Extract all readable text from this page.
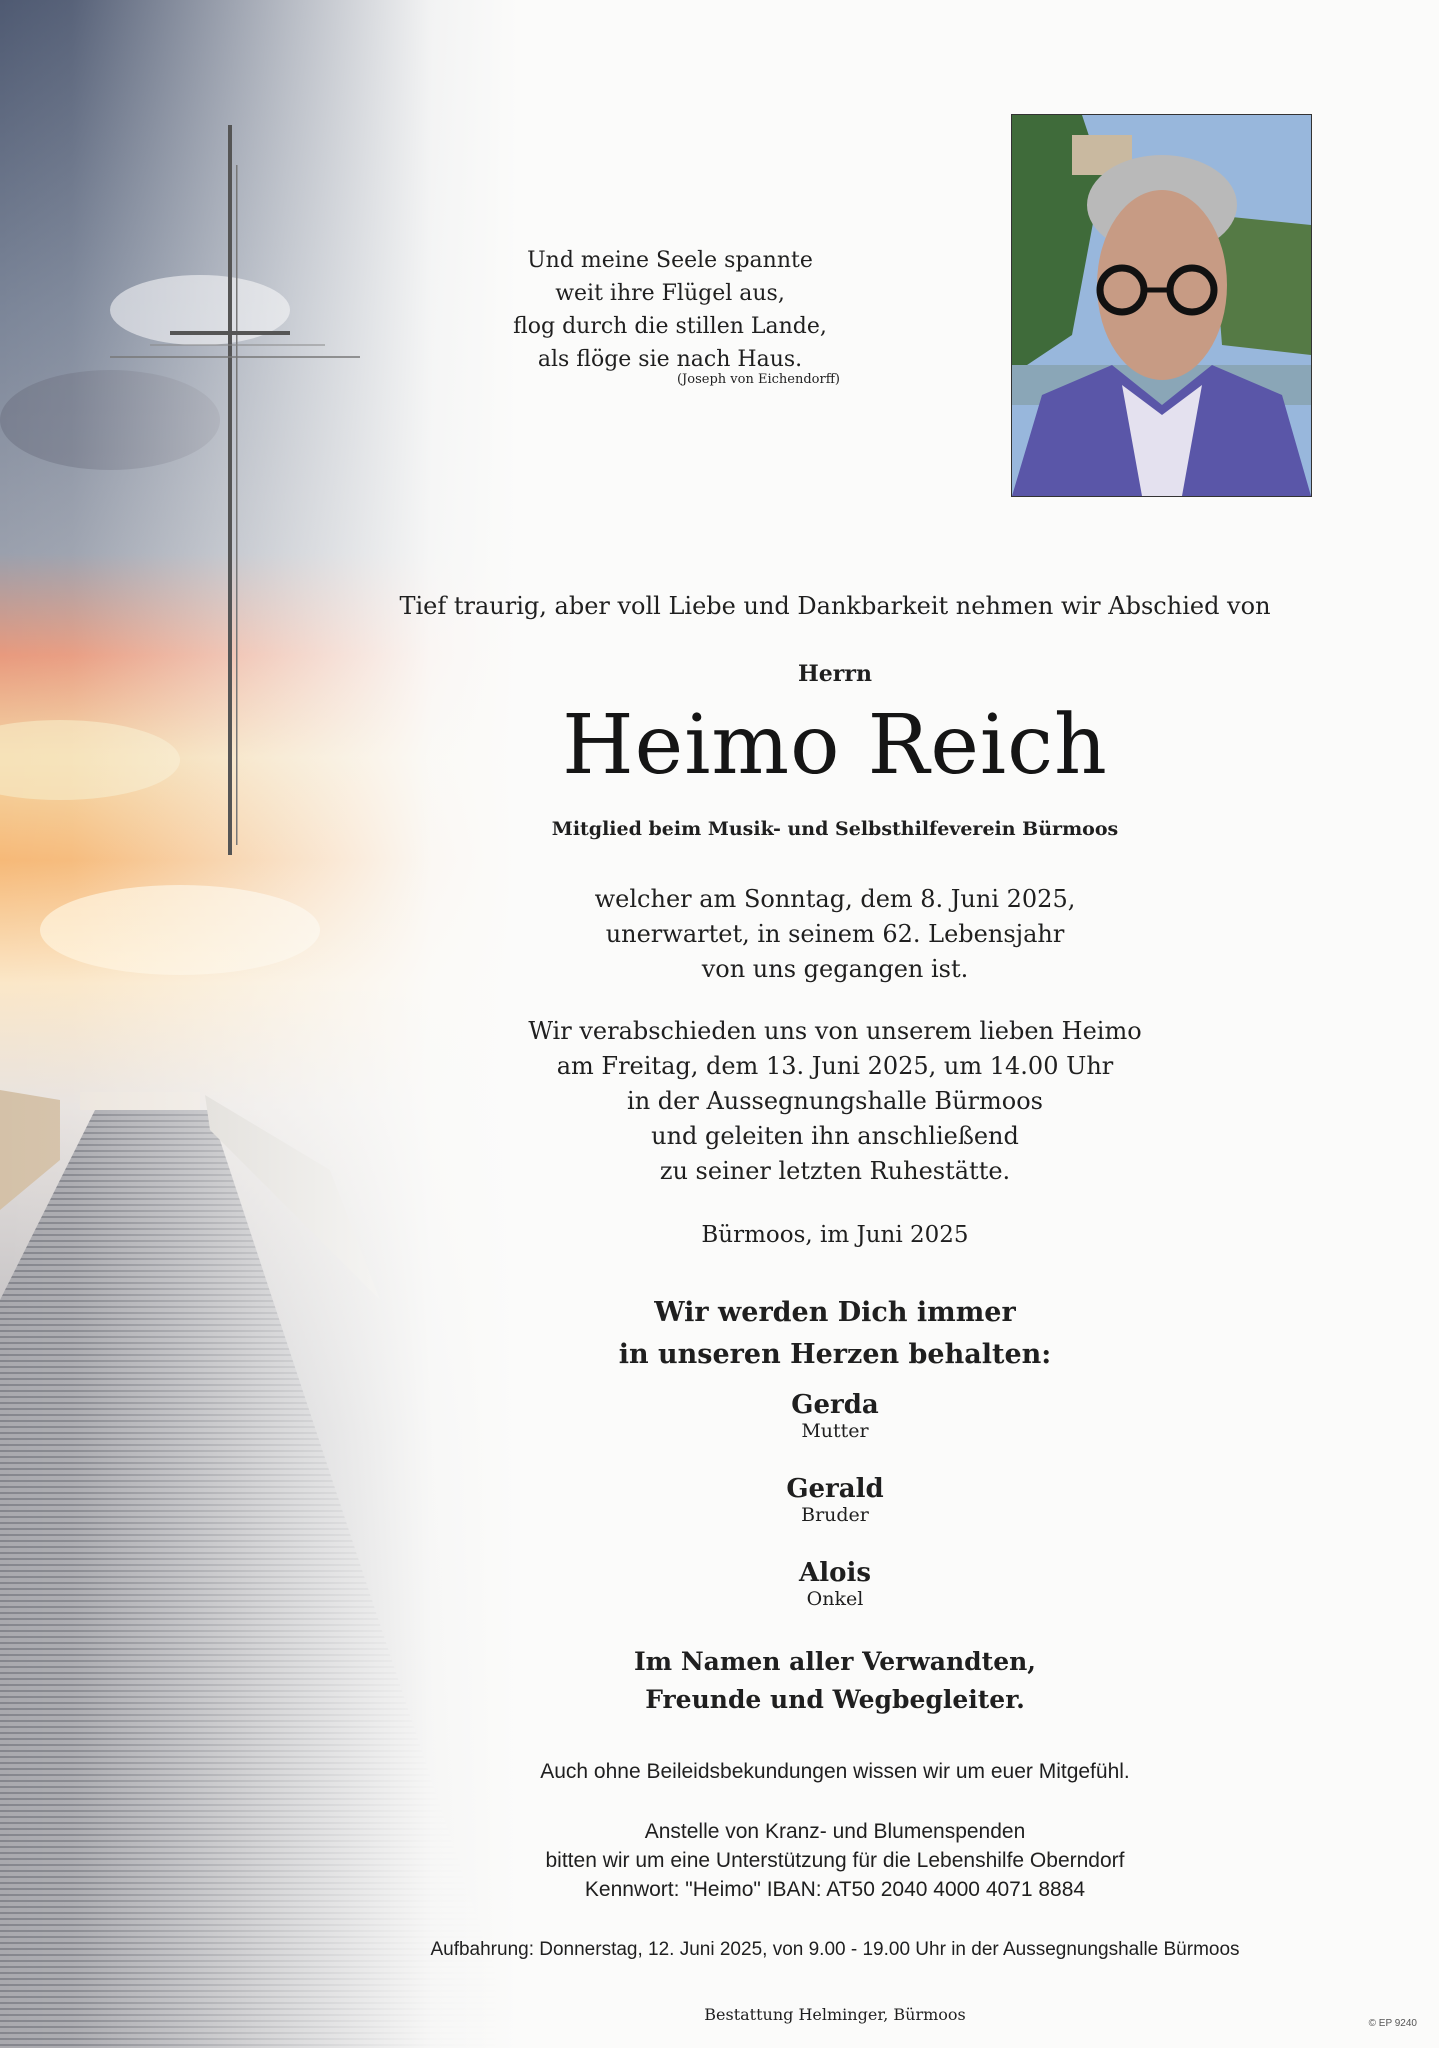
Und meine Seele spannte
weit ihre Flügel aus,
flog durch die stillen Lande,
als flöge sie nach Haus.
(Joseph von Eichendorff)
Tief traurig, aber voll Liebe und Dankbarkeit nehmen wir Abschied von
Herrn
Heimo Reich
Mitglied beim Musik- und Selbsthilfeverein Bürmoos
welcher am Sonntag, dem 8. Juni 2025,
unerwartet, in seinem 62. Lebensjahr
von uns gegangen ist.
Wir verabschieden uns von unserem lieben Heimo
am Freitag, dem 13. Juni 2025, um 14.00 Uhr
in der Aussegnungshalle Bürmoos
und geleiten ihn anschließend
zu seiner letzten Ruhestätte.
Bürmoos, im Juni 2025
Wir werden Dich immer
in unseren Herzen behalten:
Gerda
Mutter
Gerald
Bruder
Alois
Onkel
Im Namen aller Verwandten,
Freunde und Wegbegleiter.
Auch ohne Beileidsbekundungen wissen wir um euer Mitgefühl.
Anstelle von Kranz- und Blumenspenden
bitten wir um eine Unterstützung für die Lebenshilfe Oberndorf
Kennwort: "Heimo" IBAN: AT50 2040 4000 4071 8884
Aufbahrung: Donnerstag, 12. Juni 2025, von 9.00 - 19.00 Uhr in der Aussegnungshalle Bürmoos
Bestattung Helminger, Bürmoos	© EP 9240
